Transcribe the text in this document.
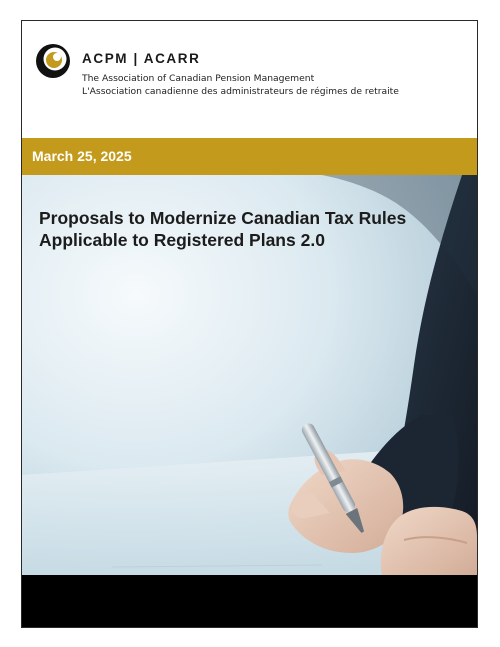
ACPM | ACARR
The Association of Canadian Pension Management
L'Association canadienne des administrateurs de régimes de retraite
March 25, 2025
Proposals to Modernize Canadian Tax Rules
Applicable to Registered Plans 2.0
